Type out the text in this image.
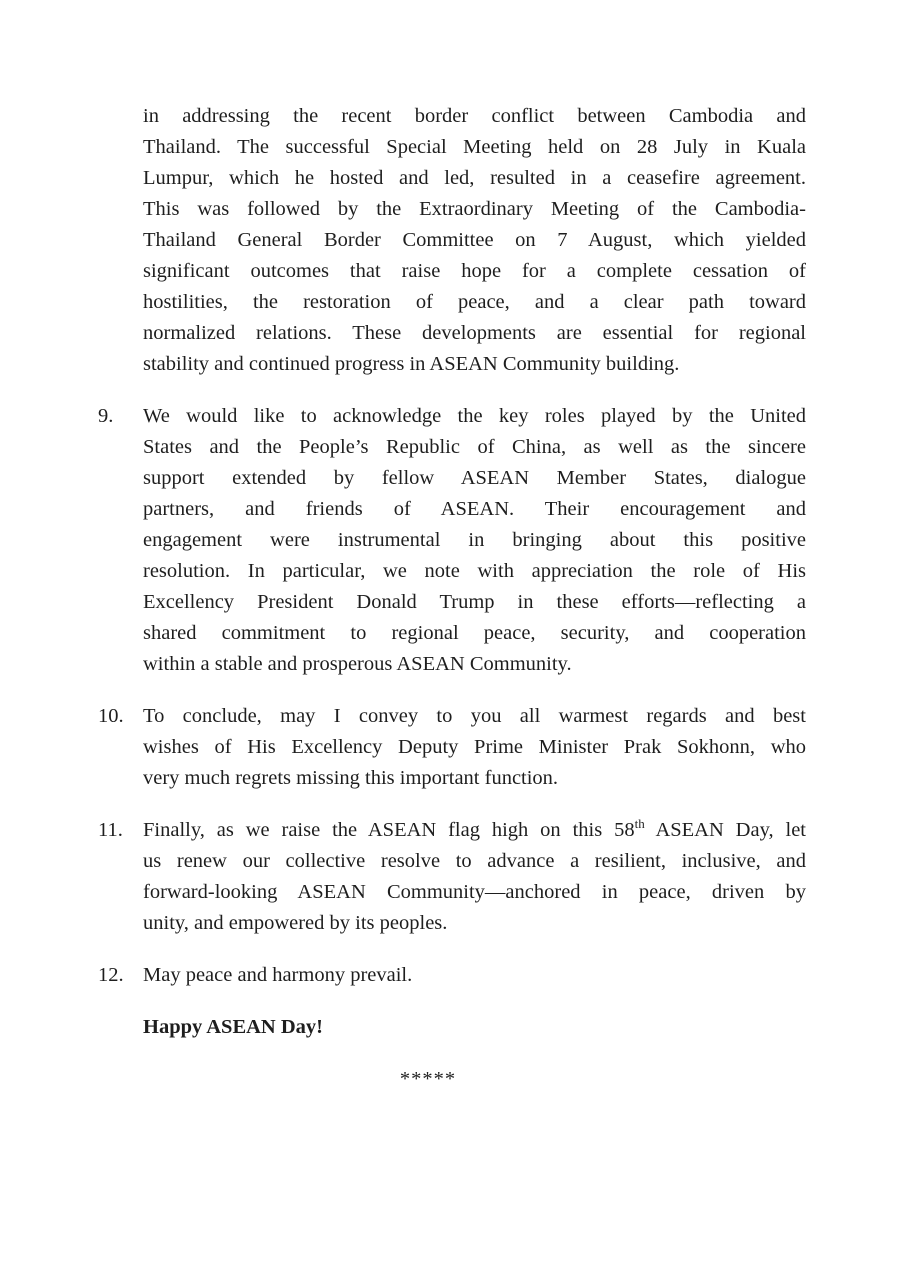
in addressing the recent border conflict between Cambodia and
Thailand. The successful Special Meeting held on 28 July in Kuala
Lumpur, which he hosted and led, resulted in a ceasefire agreement.
This was followed by the Extraordinary Meeting of the Cambodia-
Thailand General Border Committee on 7 August, which yielded
significant outcomes that raise hope for a complete cessation of
hostilities, the restoration of peace, and a clear path toward
normalized relations. These developments are essential for regional
stability and continued progress in ASEAN Community building.
9.	We would like to acknowledge the key roles played by the United
States and the People’s Republic of China, as well as the sincere
support extended by fellow ASEAN Member States, dialogue
partners, and friends of ASEAN. Their encouragement and
engagement were instrumental in bringing about this positive
resolution. In particular, we note with appreciation the role of His
Excellency President Donald Trump in these efforts—reflecting a
shared commitment to regional peace, security, and cooperation
within a stable and prosperous ASEAN Community.
10. To conclude, may I convey to you all warmest regards and best
wishes of His Excellency Deputy Prime Minister Prak Sokhonn, who
very much regrets missing this important function.
11. Finally, as we raise the ASEAN flag high on this 58th ASEAN Day, let
us renew our collective resolve to advance a resilient, inclusive, and
forward-looking ASEAN Community—anchored in peace, driven by
unity, and empowered by its peoples.
12. May peace and harmony prevail.
Happy ASEAN Day!
*****
